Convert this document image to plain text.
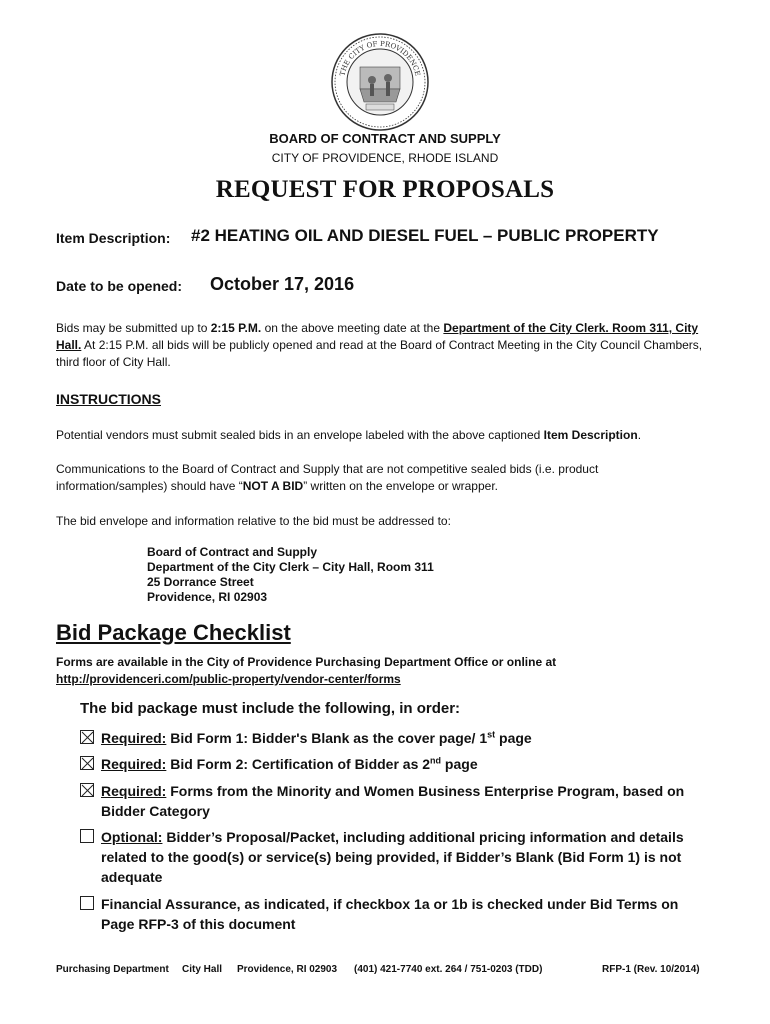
THE CITY OF PROVIDENCE
BOARD OF CONTRACT AND SUPPLY
CITY OF PROVIDENCE, RHODE ISLAND
REQUEST FOR PROPOSALS
Item Description: #2 HEATING OIL AND DIESEL FUEL – PUBLIC PROPERTY
Date to be opened: October 17, 2016
Bids may be submitted up to 2:15 P.M. on the above meeting date at the Department of the City Clerk. Room 311, City Hall. At 2:15 P.M. all bids will be publicly opened and read at the Board of Contract Meeting in the City Council Chambers, third floor of City Hall.
INSTRUCTIONS
Potential vendors must submit sealed bids in an envelope labeled with the above captioned Item Description.
Communications to the Board of Contract and Supply that are not competitive sealed bids (i.e. product information/samples) should have “NOT A BID” written on the envelope or wrapper.
The bid envelope and information relative to the bid must be addressed to:
Board of Contract and Supply
Department of the City Clerk – City Hall, Room 311
25 Dorrance Street
Providence, RI 02903
Bid Package Checklist
Forms are available in the City of Providence Purchasing Department Office or online at
http://providenceri.com/public-property/vendor-center/forms
The bid package must include the following, in order:
Required: Bid Form 1: Bidder's Blank as the cover page/ 1st page
Required: Bid Form 2: Certification of Bidder as 2nd page
Required: Forms from the Minority and Women Business Enterprise Program, based on Bidder Category
Optional: Bidder’s Proposal/Packet, including additional pricing information and details related to the good(s) or service(s) being provided, if Bidder’s Blank (Bid Form 1) is not adequate
Financial Assurance, as indicated, if checkbox 1a or 1b is checked under Bid Terms on Page RFP-3 of this document
Purchasing Department City Hall Providence, RI 02903 (401) 421-7740 ext. 264 / 751-0203 (TDD)	RFP-1 (Rev. 10/2014)
